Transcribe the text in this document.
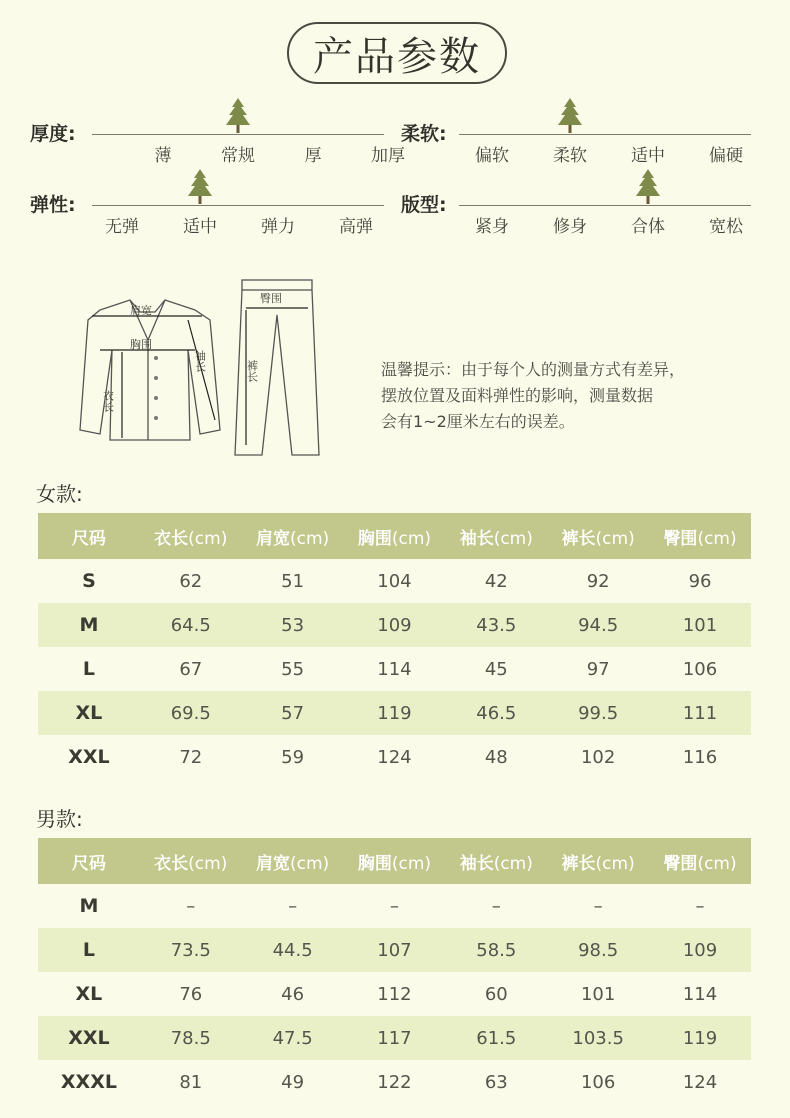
产品参数
厚度:
薄	常规	厚	加厚
柔软:
偏软	柔软	适中	偏硬
弹性:
无弹	适中	弹力	高弹
版型:
紧身	修身	合体	宽松
肩宽
胸围
衣长
袖长
臀围
裤长	温馨提示：由于每个人的测量方式有差异，
摆放位置及面料弹性的影响，测量数据
会有1~2厘米左右的误差。
女款:
尺码	衣长(cm)	肩宽(cm)	胸围(cm)	袖长(cm)	裤长(cm)	臀围(cm)
S	62	51	104	42	92	96
M	64.5	53	109	43.5	94.5	101
L	67	55	114	45	97	106
XL	69.5	57	119	46.5	99.5	111
XXL	72	59	124	48	102	116
男款:
尺码	衣长(cm)	肩宽(cm)	胸围(cm)	袖长(cm)	裤长(cm)	臀围(cm)
M	–	–	–	–	–	–
L	73.5	44.5	107	58.5	98.5	109
XL	76	46	112	60	101	114
XXL	78.5	47.5	117	61.5	103.5	119
XXXL	81	49	122	63	106	124
